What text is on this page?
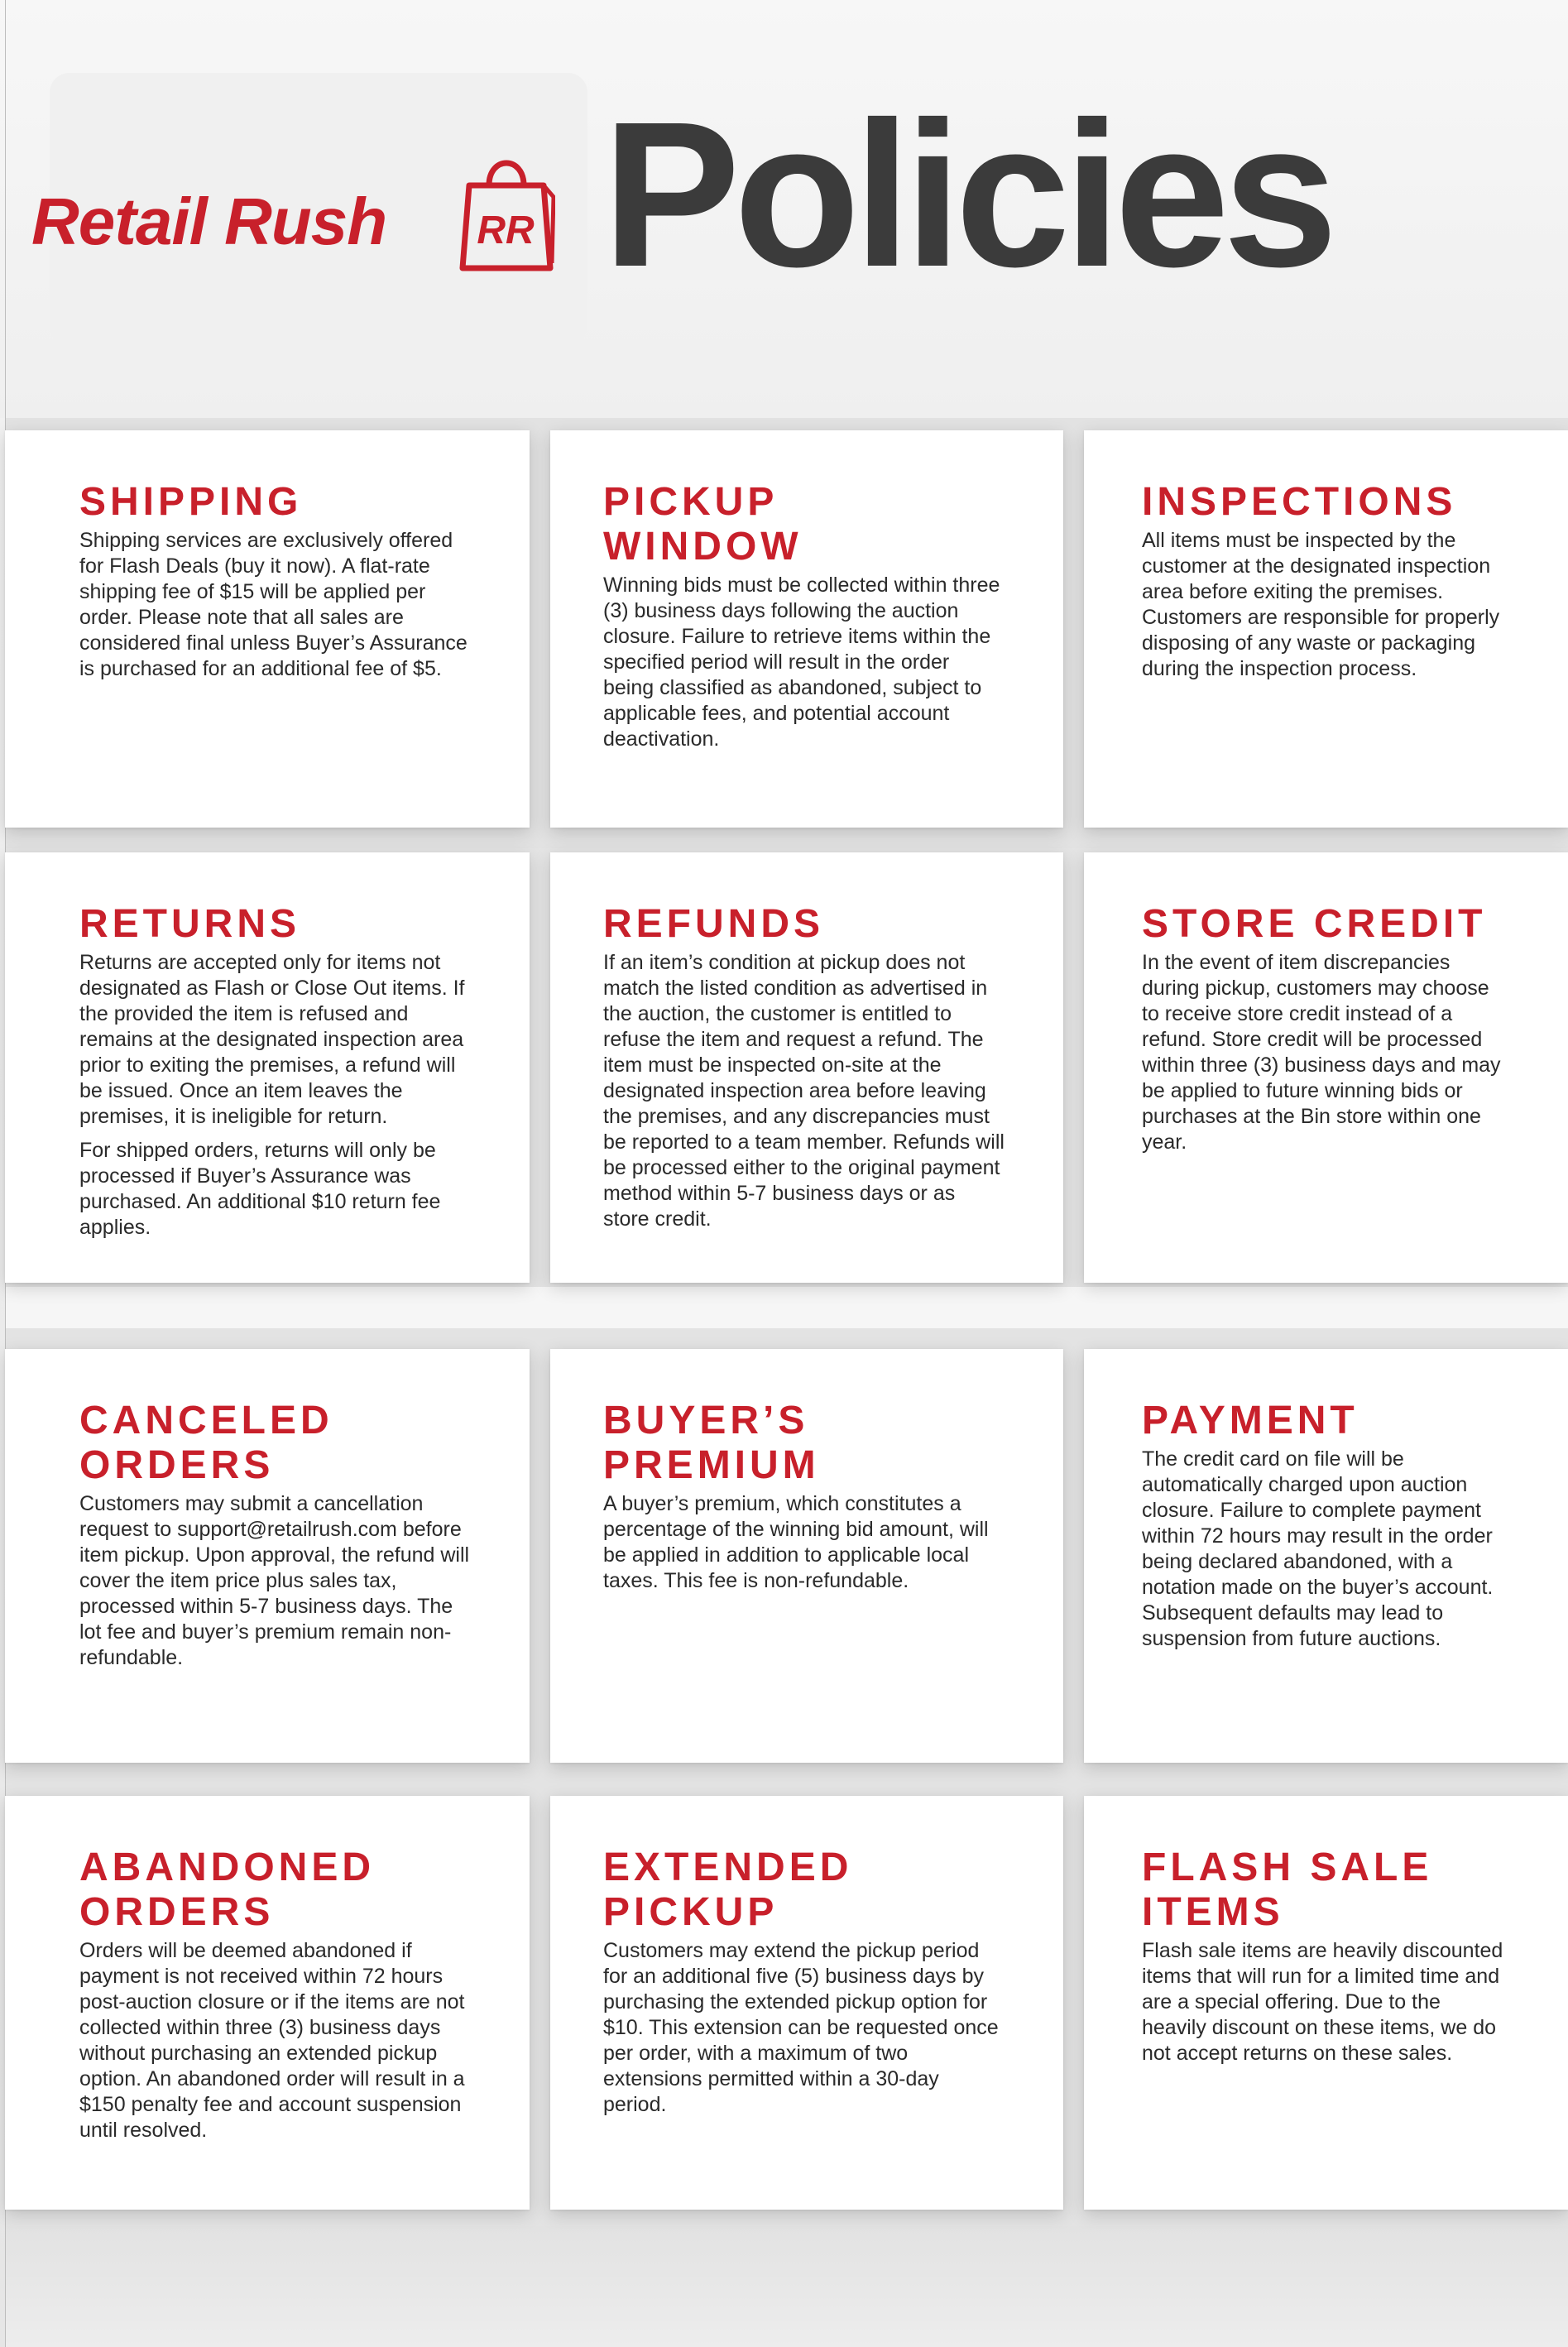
Retail Rush RR Policies
SHIPPING

Shipping services are exclusively offered for Flash Deals (buy it now). A flat-rate shipping fee of $15 will be applied per order. Please note that all sales are considered final unless Buyer’s Assurance is purchased for an additional fee of $5.

PICKUP
WINDOW

Winning bids must be collected within three (3) business days following the auction closure. Failure to retrieve items within the specified period will result in the order being classified as abandoned, subject to applicable fees, and potential account deactivation.

INSPECTIONS

All items must be inspected by the customer at the designated inspection area before exiting the premises. Customers are responsible for properly disposing of any waste or packaging during the inspection process.

RETURNS

Returns are accepted only for items not designated as Flash or Close Out items. If the provided the item is refused and remains at the designated inspection area prior to exiting the premises, a refund will be issued. Once an item leaves the premises, it is ineligible for return.

For shipped orders, returns will only be processed if Buyer’s Assurance was purchased. An additional $10 return fee applies.

REFUNDS

If an item’s condition at pickup does not match the listed condition as advertised in the auction, the customer is entitled to refuse the item and request a refund. The item must be inspected on-site at the designated inspection area before leaving the premises, and any discrepancies must be reported to a team member. Refunds will be processed either to the original payment method within 5-7 business days or as store credit.

STORE CREDIT

In the event of item discrepancies during pickup, customers may choose to receive store credit instead of a refund. Store credit will be processed within three (3) business days and may be applied to future winning bids or purchases at the Bin store within one year.

CANCELED
ORDERS

Customers may submit a cancellation request to support@retailrush.com before item pickup. Upon approval, the refund will cover the item price plus sales tax, processed within 5-7 business days. The lot fee and buyer’s premium remain non-refundable.

BUYER’S
PREMIUM

A buyer’s premium, which constitutes a percentage of the winning bid amount, will be applied in addition to applicable local taxes. This fee is non-refundable.

PAYMENT

The credit card on file will be automatically charged upon auction closure. Failure to complete payment within 72 hours may result in the order being declared abandoned, with a notation made on the buyer’s account. Subsequent defaults may lead to suspension from future auctions.

ABANDONED
ORDERS

Orders will be deemed abandoned if payment is not received within 72 hours post-auction closure or if the items are not collected within three (3) business days without purchasing an extended pickup option. An abandoned order will result in a $150 penalty fee and account suspension until resolved.

EXTENDED
PICKUP

Customers may extend the pickup period for an additional five (5) business days by purchasing the extended pickup option for $10. This extension can be requested once per order, with a maximum of two extensions permitted within a 30-day period.

FLASH SALE
ITEMS

Flash sale items are heavily discounted items that will run for a limited time and are a special offering. Due to the heavily discount on these items, we do not accept returns on these sales.
